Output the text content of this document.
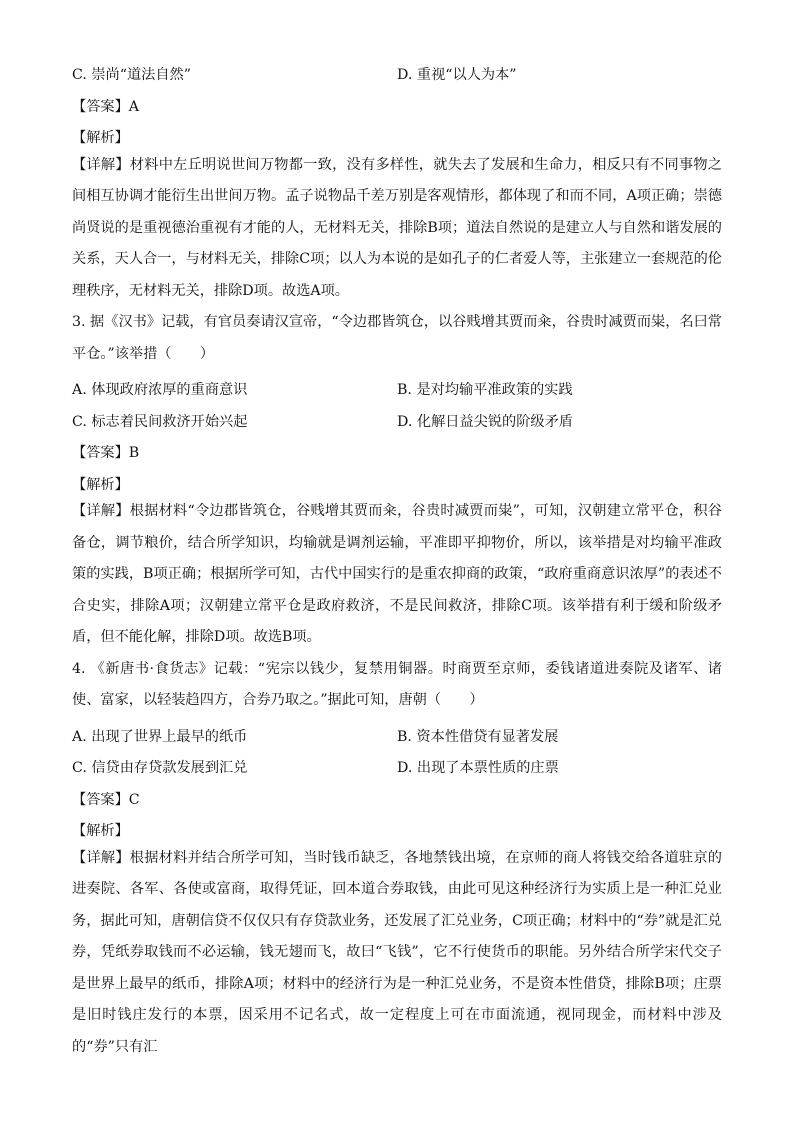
C. 崇尚“道法自然”	D. 重视“以人为本”
【答案】A
【解析】
【详解】材料中左丘明说世间万物都一致，没有多样性，就失去了发展和生命力，相反只有不同事物之间相互协调才能衍生出世间万物。孟子说物品千差万别是客观情形，都体现了和而不同，A项正确；崇德尚贤说的是重视德治重视有才能的人，无材料无关，排除B项；道法自然说的是建立人与自然和谐发展的关系，天人合一，与材料无关，排除C项；以人为本说的是如孔子的仁者爱人等，主张建立一套规范的伦理秩序，无材料无关，排除D项。故选A项。
3. 据《汉书》记载，有官员奏请汉宣帝，“令边郡皆筑仓，以谷贱增其贾而籴，谷贵时减贾而粜，名曰常平仓。”该举措（　　）
A. 体现政府浓厚的重商意识	B. 是对均输平准政策的实践
C. 标志着民间救济开始兴起	D. 化解日益尖锐的阶级矛盾
【答案】B
【解析】
【详解】根据材料“令边郡皆筑仓，谷贱增其贾而籴，谷贵时减贾而粜”，可知，汉朝建立常平仓，积谷备仓，调节粮价，结合所学知识，均输就是调剂运输，平准即平抑物价，所以，该举措是对均输平准政策的实践，B项正确；根据所学可知，古代中国实行的是重农抑商的政策，“政府重商意识浓厚”的表述不合史实，排除A项；汉朝建立常平仓是政府救济，不是民间救济，排除C项。该举措有利于缓和阶级矛盾，但不能化解，排除D项。故选B项。
4. 《新唐书·食货志》记载：“宪宗以钱少，复禁用铜器。时商贾至京师，委钱诸道进奏院及诸军、诸使、富家，以轻装趋四方，合券乃取之。”据此可知，唐朝（　　）
A. 出现了世界上最早的纸币	B. 资本性借贷有显著发展
C. 信贷由存贷款发展到汇兑	D. 出现了本票性质的庄票
【答案】C
【解析】
【详解】根据材料并结合所学可知，当时钱币缺乏，各地禁钱出境，在京师的商人将钱交给各道驻京的进奏院、各军、各使或富商，取得凭证，回本道合券取钱，由此可见这种经济行为实质上是一种汇兑业务，据此可知，唐朝信贷不仅仅只有存贷款业务，还发展了汇兑业务，C项正确；材料中的“券”就是汇兑券，凭纸券取钱而不必运输，钱无翅而飞，故曰“飞钱”，它不行使货币的职能。另外结合所学宋代交子是世界上最早的纸币，排除A项；材料中的经济行为是一种汇兑业务，不是资本性借贷，排除B项；庄票是旧时钱庄发行的本票，因采用不记名式，故一定程度上可在市面流通，视同现金，而材料中涉及的“券”只有汇
